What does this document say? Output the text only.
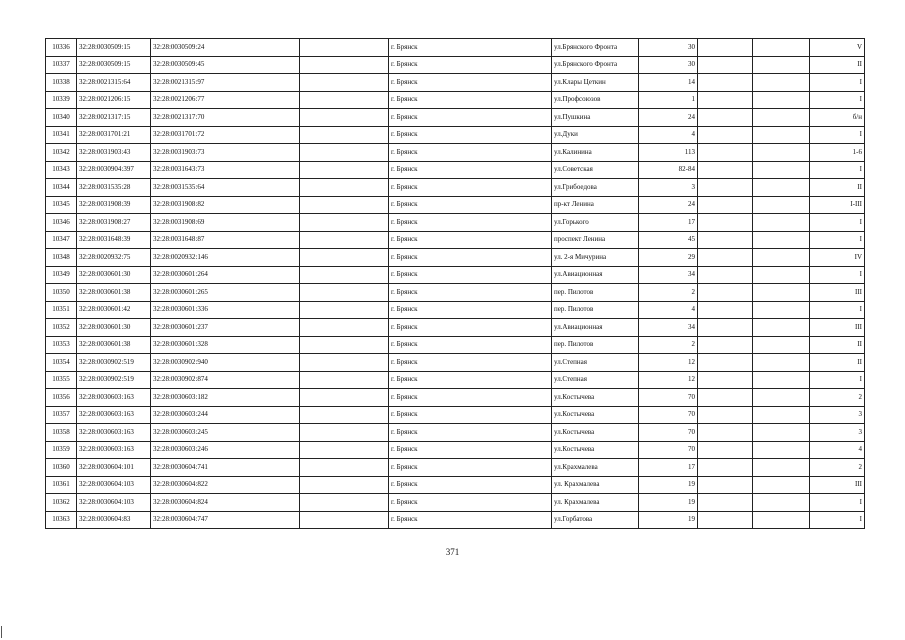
10336	32:28:0030509:15	32:28:0030509:24		г. Брянск	ул.Брянского Фронта	30			V
10337	32:28:0030509:15	32:28:0030509:45		г. Брянск	ул.Брянского Фронта	30			II
10338	32:28:0021315:64	32:28:0021315:97		г. Брянск	ул.Клары Цеткин	14			I
10339	32:28:0021206:15	32:28:0021206:77		г. Брянск	ул.Профсоюзов	1			I
10340	32:28:0021317:15	32:28:0021317:70		г. Брянск	ул.Пушкина	24			б/н
10341	32:28:0031701:21	32:28:0031701:72		г. Брянск	ул.Дуки	4			I
10342	32:28:0031903:43	32:28:0031903:73		г. Брянск	ул.Калинина	113			1-6
10343	32:28:0030904:397	32:28:0031643:73		г. Брянск	ул.Советская	82-84			I
10344	32:28:0031535:28	32:28:0031535:64		г. Брянск	ул.Грибоедова	3			II
10345	32:28:0031908:39	32:28:0031908:82		г. Брянск	пр-кт Ленина	24			I-III
10346	32:28:0031908:27	32:28:0031908:69		г. Брянск	ул.Горького	17			I
10347	32:28:0031648:39	32:28:0031648:87		г. Брянск	проспект Ленина	45			I
10348	32:28:0020932:75	32:28:0020932:146		г. Брянск	ул. 2-я Мичурина	29			IV
10349	32:28:0030601:30	32:28:0030601:264		г. Брянск	ул.Авиационная	34			I
10350	32:28:0030601:38	32:28:0030601:265		г. Брянск	пер. Пилотов	2			III
10351	32:28:0030601:42	32:28:0030601:336		г. Брянск	пер. Пилотов	4			I
10352	32:28:0030601:30	32:28:0030601:237		г. Брянск	ул.Авиационная	34			III
10353	32:28:0030601:38	32:28:0030601:328		г. Брянск	пер. Пилотов	2			II
10354	32:28:0030902:519	32:28:0030902:940		г. Брянск	ул.Степная	12			II
10355	32:28:0030902:519	32:28:0030902:874		г. Брянск	ул.Степная	12			I
10356	32:28:0030603:163	32:28:0030603:182		г. Брянск	ул.Костычева	70			2
10357	32:28:0030603:163	32:28:0030603:244		г. Брянск	ул.Костычева	70			3
10358	32:28:0030603:163	32:28:0030603:245		г. Брянск	ул.Костычева	70			3
10359	32:28:0030603:163	32:28:0030603:246		г. Брянск	ул.Костычева	70			4
10360	32:28:0030604:101	32:28:0030604:741		г. Брянск	ул.Крахмалева	17			2
10361	32:28:0030604:103	32:28:0030604:822		г. Брянск	ул. Крахмалева	19			III
10362	32:28:0030604:103	32:28:0030604:824		г. Брянск	ул. Крахмалева	19			I
10363	32:28:0030604:83	32:28:0030604:747		г. Брянск	ул.Горбатова	19			I
371
